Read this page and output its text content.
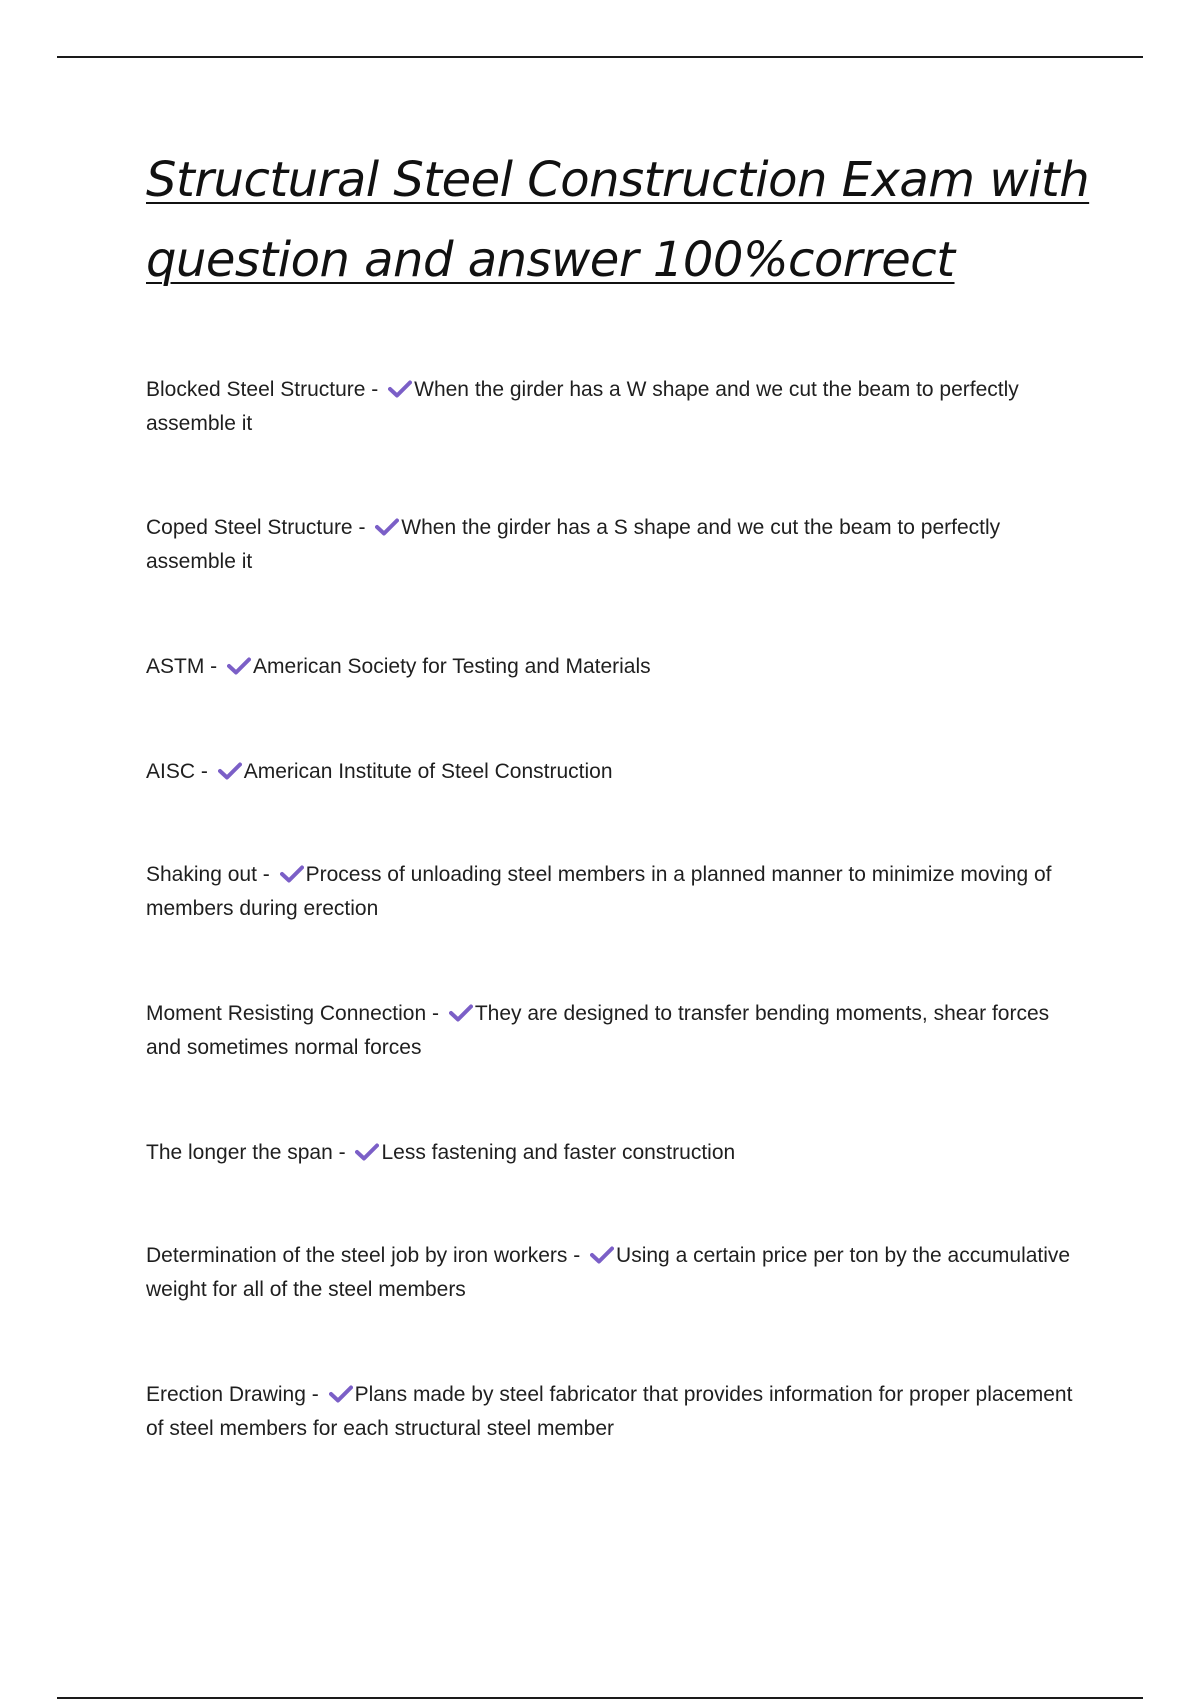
Structural Steel Construction Exam with question and answer 100%correct
Blocked Steel Structure -
When the girder has a W shape and we cut the beam to perfectly assemble it
Coped Steel Structure -
When the girder has a S shape and we cut the beam to perfectly assemble it
ASTM -
American Society for Testing and Materials
AISC -
American Institute of Steel Construction
Shaking out -
Process of unloading steel members in a planned manner to minimize moving of members during erection
Moment Resisting Connection -
They are designed to transfer bending moments, shear forces and sometimes normal forces
The longer the span -
Less fastening and faster construction
Determination of the steel job by iron workers -
Using a certain price per ton by the accumulative weight for all of the steel members
Erection Drawing -
Plans made by steel fabricator that provides information for proper placement of steel members for each structural steel member
